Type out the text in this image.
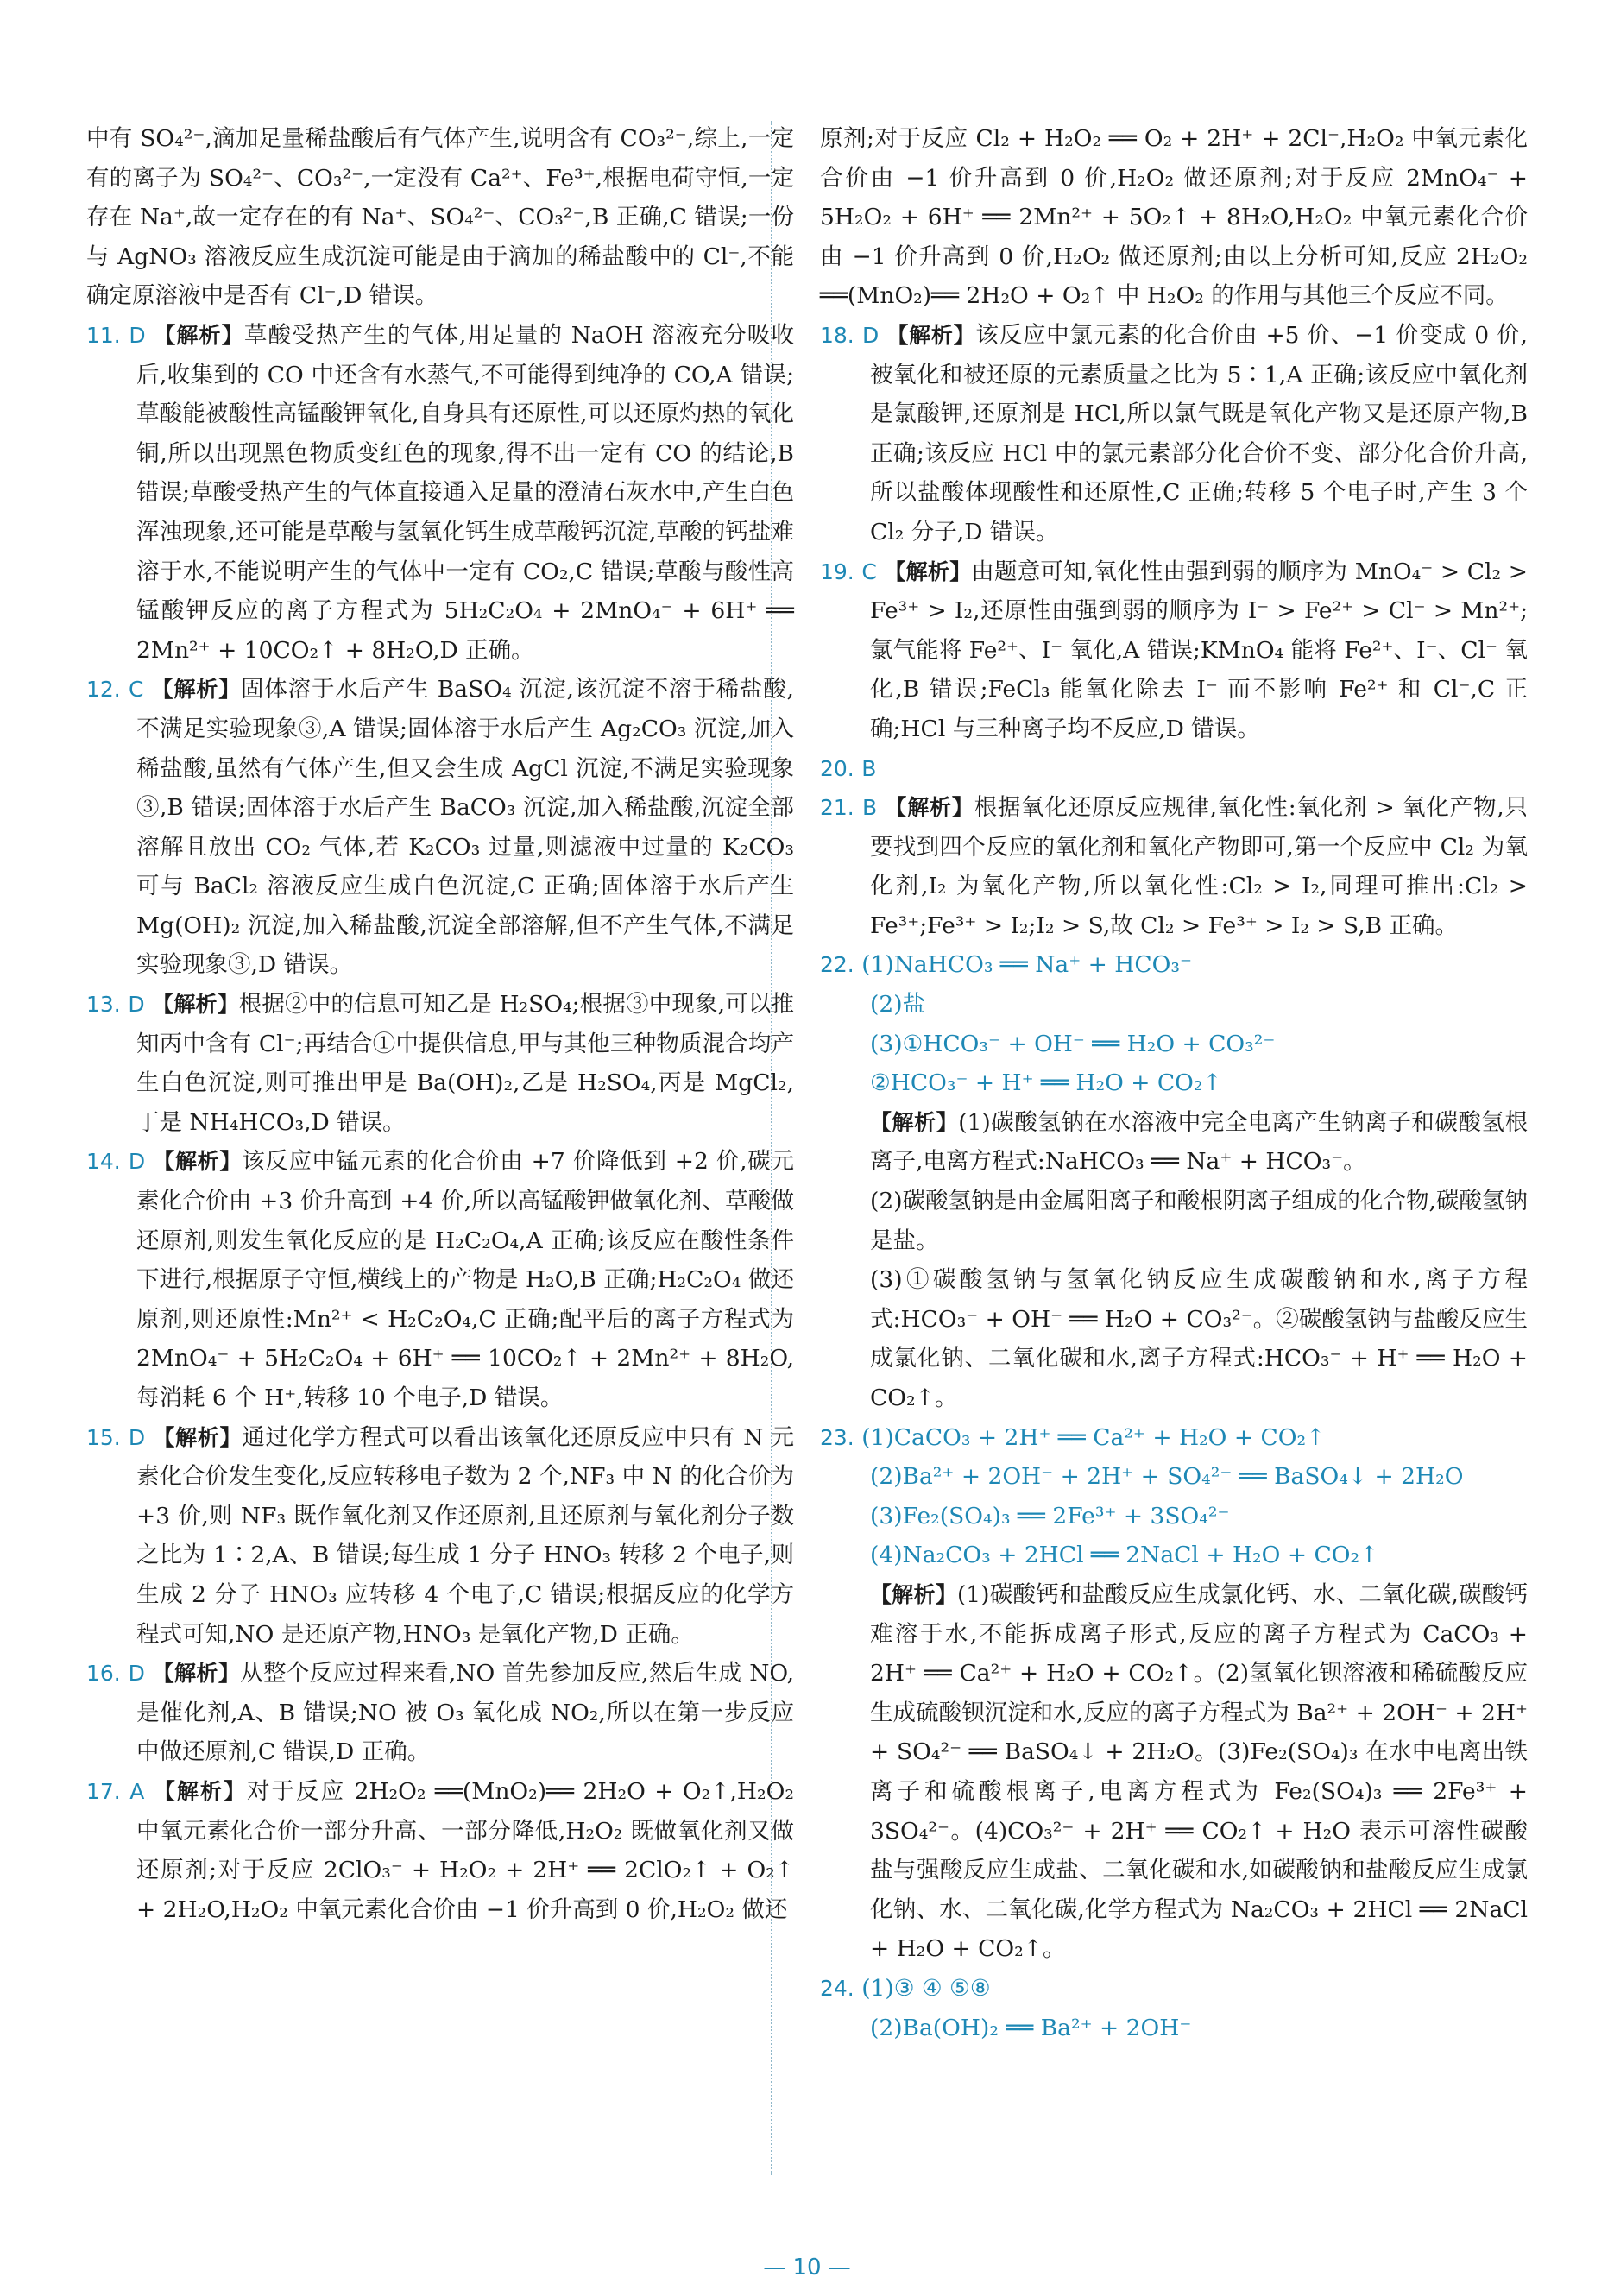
中有 SO₄²⁻,滴加足量稀盐酸后有气体产生,说明含有 CO₃²⁻,综上,一定有的离子为 SO₄²⁻、CO₃²⁻,一定没有 Ca²⁺、Fe³⁺,根据电荷守恒,一定存在 Na⁺,故一定存在的有 Na⁺、SO₄²⁻、CO₃²⁻,B 正确,C 错误;一份与 AgNO₃ 溶液反应生成沉淀可能是由于滴加的稀盐酸中的 Cl⁻,不能确定原溶液中是否有 Cl⁻,D 错误。

11. D 【解析】草酸受热产生的气体,用足量的 NaOH 溶液充分吸收后,收集到的 CO 中还含有水蒸气,不可能得到纯净的 CO,A 错误;草酸能被酸性高锰酸钾氧化,自身具有还原性,可以还原灼热的氧化铜,所以出现黑色物质变红色的现象,得不出一定有 CO 的结论,B 错误;草酸受热产生的气体直接通入足量的澄清石灰水中,产生白色浑浊现象,还可能是草酸与氢氧化钙生成草酸钙沉淀,草酸的钙盐难溶于水,不能说明产生的气体中一定有 CO₂,C 错误;草酸与酸性高锰酸钾反应的离子方程式为 5H₂C₂O₄ + 2MnO₄⁻ + 6H⁺ ══ 2Mn²⁺ + 10CO₂↑ + 8H₂O,D 正确。

12. C 【解析】固体溶于水后产生 BaSO₄ 沉淀,该沉淀不溶于稀盐酸,不满足实验现象③,A 错误;固体溶于水后产生 Ag₂CO₃ 沉淀,加入稀盐酸,虽然有气体产生,但又会生成 AgCl 沉淀,不满足实验现象③,B 错误;固体溶于水后产生 BaCO₃ 沉淀,加入稀盐酸,沉淀全部溶解且放出 CO₂ 气体,若 K₂CO₃ 过量,则滤液中过量的 K₂CO₃ 可与 BaCl₂ 溶液反应生成白色沉淀,C 正确;固体溶于水后产生 Mg(OH)₂ 沉淀,加入稀盐酸,沉淀全部溶解,但不产生气体,不满足实验现象③,D 错误。

13. D 【解析】根据②中的信息可知乙是 H₂SO₄;根据③中现象,可以推知丙中含有 Cl⁻;再结合①中提供信息,甲与其他三种物质混合均产生白色沉淀,则可推出甲是 Ba(OH)₂,乙是 H₂SO₄,丙是 MgCl₂,丁是 NH₄HCO₃,D 错误。

14. D 【解析】该反应中锰元素的化合价由 +7 价降低到 +2 价,碳元素化合价由 +3 价升高到 +4 价,所以高锰酸钾做氧化剂、草酸做还原剂,则发生氧化反应的是 H₂C₂O₄,A 正确;该反应在酸性条件下进行,根据原子守恒,横线上的产物是 H₂O,B 正确;H₂C₂O₄ 做还原剂,则还原性:Mn²⁺ < H₂C₂O₄,C 正确;配平后的离子方程式为 2MnO₄⁻ + 5H₂C₂O₄ + 6H⁺ ══ 10CO₂↑ + 2Mn²⁺ + 8H₂O,每消耗 6 个 H⁺,转移 10 个电子,D 错误。

15. D 【解析】通过化学方程式可以看出该氧化还原反应中只有 N 元素化合价发生变化,反应转移电子数为 2 个,NF₃ 中 N 的化合价为 +3 价,则 NF₃ 既作氧化剂又作还原剂,且还原剂与氧化剂分子数之比为 1∶2,A、B 错误;每生成 1 分子 HNO₃ 转移 2 个电子,则生成 2 分子 HNO₃ 应转移 4 个电子,C 错误;根据反应的化学方程式可知,NO 是还原产物,HNO₃ 是氧化产物,D 正确。

16. D 【解析】从整个反应过程来看,NO 首先参加反应,然后生成 NO,是催化剂,A、B 错误;NO 被 O₃ 氧化成 NO₂,所以在第一步反应中做还原剂,C 错误,D 正确。

17. A 【解析】对于反应 2H₂O₂ ══(MnO₂)══ 2H₂O + O₂↑,H₂O₂ 中氧元素化合价一部分升高、一部分降低,H₂O₂ 既做氧化剂又做还原剂;对于反应 2ClO₃⁻ + H₂O₂ + 2H⁺ ══ 2ClO₂↑ + O₂↑ + 2H₂O,H₂O₂ 中氧元素化合价由 −1 价升高到 0 价,H₂O₂ 做还

原剂;对于反应 Cl₂ + H₂O₂ ══ O₂ + 2H⁺ + 2Cl⁻,H₂O₂ 中氧元素化合价由 −1 价升高到 0 价,H₂O₂ 做还原剂;对于反应 2MnO₄⁻ + 5H₂O₂ + 6H⁺ ══ 2Mn²⁺ + 5O₂↑ + 8H₂O,H₂O₂ 中氧元素化合价由 −1 价升高到 0 价,H₂O₂ 做还原剂;由以上分析可知,反应 2H₂O₂ ══(MnO₂)══ 2H₂O + O₂↑ 中 H₂O₂ 的作用与其他三个反应不同。

18. D 【解析】该反应中氯元素的化合价由 +5 价、−1 价变成 0 价,被氧化和被还原的元素质量之比为 5∶1,A 正确;该反应中氧化剂是氯酸钾,还原剂是 HCl,所以氯气既是氧化产物又是还原产物,B 正确;该反应 HCl 中的氯元素部分化合价不变、部分化合价升高,所以盐酸体现酸性和还原性,C 正确;转移 5 个电子时,产生 3 个 Cl₂ 分子,D 错误。

19. C 【解析】由题意可知,氧化性由强到弱的顺序为 MnO₄⁻ > Cl₂ > Fe³⁺ > I₂,还原性由强到弱的顺序为 I⁻ > Fe²⁺ > Cl⁻ > Mn²⁺;氯气能将 Fe²⁺、I⁻ 氧化,A 错误;KMnO₄ 能将 Fe²⁺、I⁻、Cl⁻ 氧化,B 错误;FeCl₃ 能氧化除去 I⁻ 而不影响 Fe²⁺ 和 Cl⁻,C 正确;HCl 与三种离子均不反应,D 错误。

20. B

21. B 【解析】根据氧化还原反应规律,氧化性:氧化剂 > 氧化产物,只要找到四个反应的氧化剂和氧化产物即可,第一个反应中 Cl₂ 为氧化剂,I₂ 为氧化产物,所以氧化性:Cl₂ > I₂,同理可推出:Cl₂ > Fe³⁺;Fe³⁺ > I₂;I₂ > S,故 Cl₂ > Fe³⁺ > I₂ > S,B 正确。

22. (1)NaHCO₃ ══ Na⁺ + HCO₃⁻

(2)盐

(3)①HCO₃⁻ + OH⁻ ══ H₂O + CO₃²⁻

②HCO₃⁻ + H⁺ ══ H₂O + CO₂↑

【解析】(1)碳酸氢钠在水溶液中完全电离产生钠离子和碳酸氢根离子,电离方程式:NaHCO₃ ══ Na⁺ + HCO₃⁻。

(2)碳酸氢钠是由金属阳离子和酸根阴离子组成的化合物,碳酸氢钠是盐。

(3)①碳酸氢钠与氢氧化钠反应生成碳酸钠和水,离子方程式:HCO₃⁻ + OH⁻ ══ H₂O + CO₃²⁻。②碳酸氢钠与盐酸反应生成氯化钠、二氧化碳和水,离子方程式:HCO₃⁻ + H⁺ ══ H₂O + CO₂↑。

23. (1)CaCO₃ + 2H⁺ ══ Ca²⁺ + H₂O + CO₂↑

(2)Ba²⁺ + 2OH⁻ + 2H⁺ + SO₄²⁻ ══ BaSO₄↓ + 2H₂O

(3)Fe₂(SO₄)₃ ══ 2Fe³⁺ + 3SO₄²⁻

(4)Na₂CO₃ + 2HCl ══ 2NaCl + H₂O + CO₂↑

【解析】(1)碳酸钙和盐酸反应生成氯化钙、水、二氧化碳,碳酸钙难溶于水,不能拆成离子形式,反应的离子方程式为 CaCO₃ + 2H⁺ ══ Ca²⁺ + H₂O + CO₂↑。(2)氢氧化钡溶液和稀硫酸反应生成硫酸钡沉淀和水,反应的离子方程式为 Ba²⁺ + 2OH⁻ + 2H⁺ + SO₄²⁻ ══ BaSO₄↓ + 2H₂O。(3)Fe₂(SO₄)₃ 在水中电离出铁离子和硫酸根离子,电离方程式为 Fe₂(SO₄)₃ ══ 2Fe³⁺ + 3SO₄²⁻。(4)CO₃²⁻ + 2H⁺ ══ CO₂↑ + H₂O 表示可溶性碳酸盐与强酸反应生成盐、二氧化碳和水,如碳酸钠和盐酸反应生成氯化钠、水、二氧化碳,化学方程式为 Na₂CO₃ + 2HCl ══ 2NaCl + H₂O + CO₂↑。

24. (1)③ ④ ⑤⑧

(2)Ba(OH)₂ ══ Ba²⁺ + 2OH⁻

— 10 —
